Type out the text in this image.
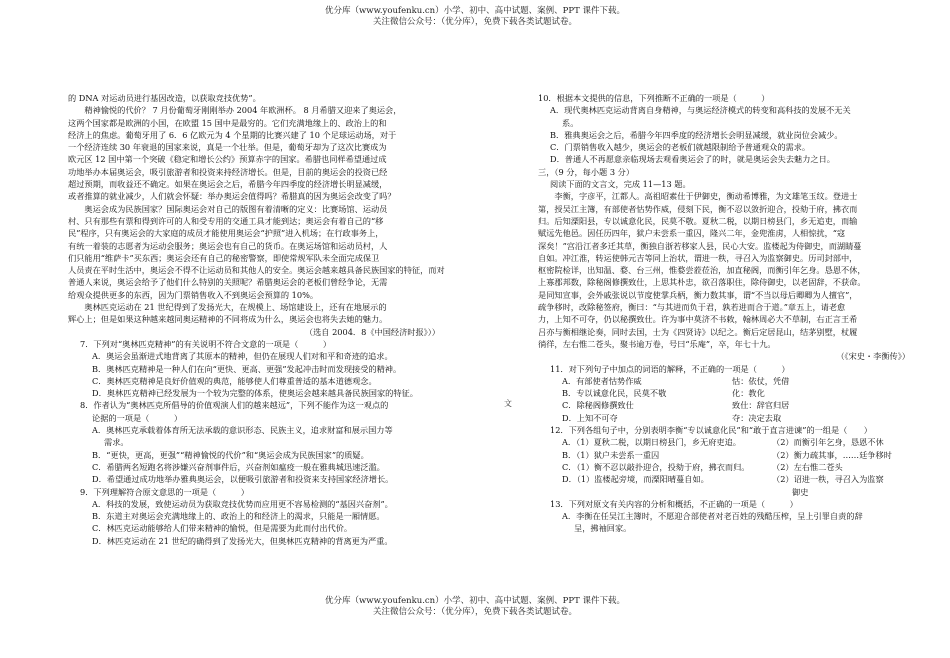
优分库（www.youfenku.cn）小学、初中、高中试题、案例、PPT 课件下载。
关注微信公众号：（优分库），免费下载各类试题试卷。
的 DNA 对运动员进行基因改造，以获取竞技优势”。
　　精神愉悦的代价？ 7 月份葡萄牙刚刚举办 2004 年欧洲杯。 8 月希腊又迎来了奥运会，
这两个国家都是欧洲的小国，在欧盟 15 国中是最穷的。它们充满地缘上的、政治上的和
经济上的焦虑。葡萄牙用了 6．6 亿欧元为 4 个星期的比赛兴建了 10 个足球运动场，对于
一个经济连续 30 年衰退的国家来说，真是一个壮举。但是，葡萄牙却为了这次比赛成为
欧元区 12 国中第一个突破《稳定和增长公约》预算赤字的国家。希腊也同样希望通过成
功地举办本届奥运会，吸引旅游者和投资来持经济增长。但是，目前的奥运会的投资已经
超过预期，而收益还不确定。如果在奥运会之后，希腊今年四季度的经济增长明显减缓，
或者推算的就业减少，人们就会怀疑：举办奥运会值得吗？希腊真的因为奥运会改变了吗？
　　奥运会成为民族国家？国际奥运会对自己的版图有着清晰的定义：比赛场馆、运动员
村、只有那些有票和得到许可的人和受专用的交通工具才能到达；奥运会有着自己的“移
民”程序，只有奥运会的大家庭的成员才能使用奥运会“护照”进入机场；在行政事务上，
有统一着装的志愿者为运动会服务；奥运会也有自己的货币。在奥运场馆和运动员村，人
们只能用“维萨卡”买东西；奥运会还有自己的秘密警察，即使常规军队未全面完成保卫
人员责在平时生活中，奥运会不得不让运动员和其他人的安全。奥运会越来越具备民族国家的特征，而对
普通人来说，奥运会给予了他们什么特别的关照呢？希腊奥运会的老板们曾经争论，无需
给观众提供更多的东西，因为门票销售收入不到奥运会预算的 10%。
　　奥林匹克运动在 21 世纪得到了发扬光大，在规模上、场馆建设上，还有在地展示的
辉心上；但是如果这种越来越同奥运精神的不同将成为什么，奥运会也将失去她的魅力。
（选自 2004．8《中国经济时报》））
7．下列对“奥林匹克精神”的有关说明不符合文意的一项是（　　　）
A．奥运会虽渐进式地背离了其原本的精神，但仍在展现人们对和平和奇迹的追求。
B．奥林匹克精神是一种人们在向“更快、更高、更强”发起冲击时而发现接受的精神。
C．奥林匹克精神是良好价值观的典范，能够使人们尊重普适的基本道德观念。
D．奥林匹克精神已经发展为一个较为完整的体系，使奥运会越来越具备民族国家的特征。
8．作者认为“奥林匹克所倡导的价值观演人们的越来越远”，下列不能作为这一观点的
论据的一项是（　　　）
A．奥林匹克承载着体育所无法承载的意识形态、民族主义，追求财富和展示国力等
需求。
B．“更快，更高，更强”“精神愉悦的代价”和“奥运会成为民族国家”的质疑。
C．希腊两名短跑名将涉嫌兴奋剂事件后，兴奋剂如瘟疫一般在雅典城迅速泛滥。
D．希望通过成功地举办雅典奥运会，以便吸引旅游者和投资来支持国家经济增长。
9．下列理解符合原文意思的一项是（　　　）
A．科技的发展，致使运动员为获取竞技优势而应用更不容易检测的“基因兴奋剂”。
B．东道主对奥运会充满地缘上的、政治上的和经济上的渴求，只能是一厢情愿。
C．林匹克运动能够给人们带来精神的愉悦，但是需要为此而付出代价。
D．林匹克运动在 21 世纪的确得到了发扬光大，但奥林匹克精神的背离更为严重。
文
10．根据本文提供的信息，下列推断不正确的一项是（　　　）
A．现代奥林匹克运动背离自身精神，与奥运经济模式的转变和高科技的发展不无关
系。
B．雅典奥运会之后，希腊今年四季度的经济增长会明显减缓，就业岗位会减少。
C．门票销售收入越少，奥运会的老板们就越限制给予普通观众的需求。
D．普通人不再愿意亲临现场去观看奥运会了的时，就是奥运会失去魅力之日。
三，（9 分，每小题 3 分）
阅读下面的文言文，完成 11—13 题。
　　李衡，字彦平，江都人。高祖昭素仕于伊御史，衡动希博雅，为文雄笔玉纹。登进士
第，授吴江主簿，有部使者怙势作威，侵刻下民，衡不忍以敛折迎合，投劾于府，拂衣而
归。后知溧阳县，专以诚意化民，民莫不敬。夏秋二税，以期日榜县门，乡无追吏，而输
赋远先他邑。因任历四年，狱户未尝系一重囚，隆兴二年，金兜淮虏，人相惊扰，“寇
深矣！”宫沿江者多迁其草，衡独自浙若移家人县，民心大安。监楼起为侍御史，而湖睛蔓
自如。冲江淮，转运使韩元吉等同上治状，谓进一秩，寻召入为监察御史。历司封部中，
枢密院检详，出知温、婺、台三州，惟婺尝蒞莅治，加直秘阁，而衡引年乞身。恳恩不休，
上寡郡邦数，除秘阁修撰致仕，上思其朴忠，欲召落职住，除侍御史，以老固辞，不获命。
是同知宣事，会外戚张说以节度使掌兵柄，衡力数其事，谓“不当以母后卿卿为人擅官”，
疏争移时，改除秘签府，衡曰：“与其进而负于君，孰若进而合于道。”章五上，请老愈
力，上知不可夺，仍以秘撰致仕。许为事中莫济不书敕，翰林周必大不草制，右正言王希
吕亦与衡相继论奏，同时去国，士为《四贤诗》以纪之。衡后定居昆山，结茅别墅，杖履
徜徉，左右惟二苍头，聚书逾万卷，号曰“乐庵”，卒，年七十九。
（《宋史・李衡传》）
11．对下列句子中加点的词语的解释，不正确的一项是（　　　）
A．有部使者怙势作威	怙：依仗，凭借
B．专以诚意化民，民莫不敬	化：教化
C．除秘阁修撰致仕	致仕：辞官归居
D．上知不可夺	夺：决定去取
12．下列各组句子中，分别表明李衡“专以诚意化民”和“敢于直言进谏”的一组是（　　）
A．（1）夏秋二税，以期日榜县门，乡无府吏追。	（2）而衡引年乞身，恳恩不休
B．（1）狱户未尝系一重囚	（2）衡力疏其事，……廷争移时
C．（1）衡不忍以敲扑迎合，投劾于府，拂衣而归。	（2）左右惟二苍头
D．（1）监楼起旁境，而溧阳晴蔓自如。	（2）诏进一秩，寻召入为监察
御史
13．下列对原文有关内容的分析和概括，不正确的一项是（　　　）
A．李衡在任吴江主簿时，不愿迎合部使者对老百姓的残酷压榨，呈上引罪自责的辞
呈，拂袖回家。
优分库（www.youfenku.cn）小学、初中、高中试题、案例、PPT 课件下载。
关注微信公众号：（优分库），免费下载各类试题试卷。
